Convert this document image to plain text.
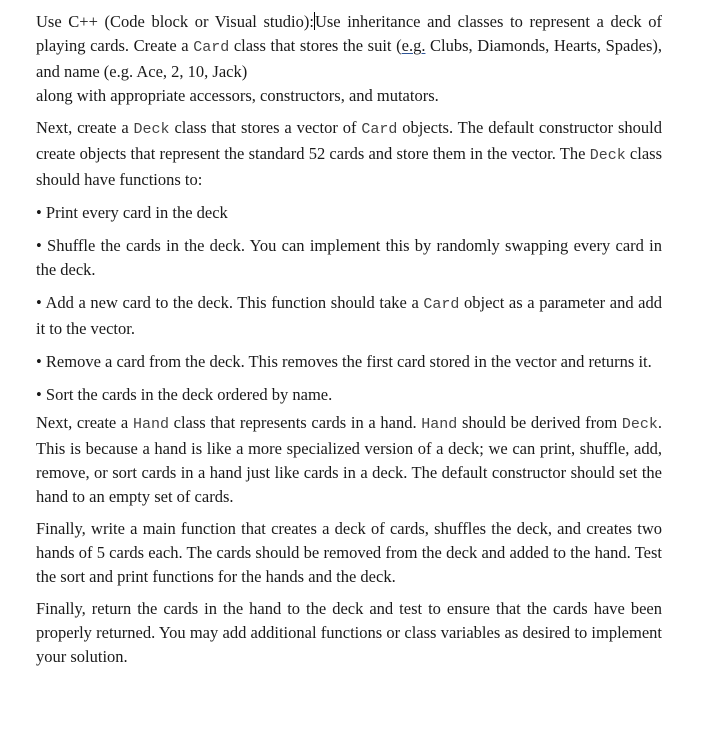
Use C++ (Code block or Visual studio):Use inheritance and classes to represent a deck of playing cards. Create a Card class that stores the suit (e.g. Clubs, Diamonds, Hearts, Spades), and name (e.g. Ace, 2, 10, Jack)
along with appropriate accessors, constructors, and mutators.

Next, create a Deck class that stores a vector of Card objects. The default constructor should create objects that represent the standard 52 cards and store them in the vector. The Deck class should have functions to:

• Print every card in the deck

• Shuffle the cards in the deck. You can implement this by randomly swapping every card in the deck.

• Add a new card to the deck. This function should take a Card object as a parameter and add it to the vector.

• Remove a card from the deck. This removes the first card stored in the vector and returns it.

• Sort the cards in the deck ordered by name.

Next, create a Hand class that represents cards in a hand. Hand should be derived from Deck. This is because a hand is like a more specialized version of a deck; we can print, shuffle, add, remove, or sort cards in a hand just like cards in a deck. The default constructor should set the hand to an empty set of cards.

Finally, write a main function that creates a deck of cards, shuffles the deck, and creates two hands of 5 cards each. The cards should be removed from the deck and added to the hand. Test the sort and print functions for the hands and the deck.

Finally, return the cards in the hand to the deck and test to ensure that the cards have been properly returned. You may add additional functions or class variables as desired to implement your solution.
